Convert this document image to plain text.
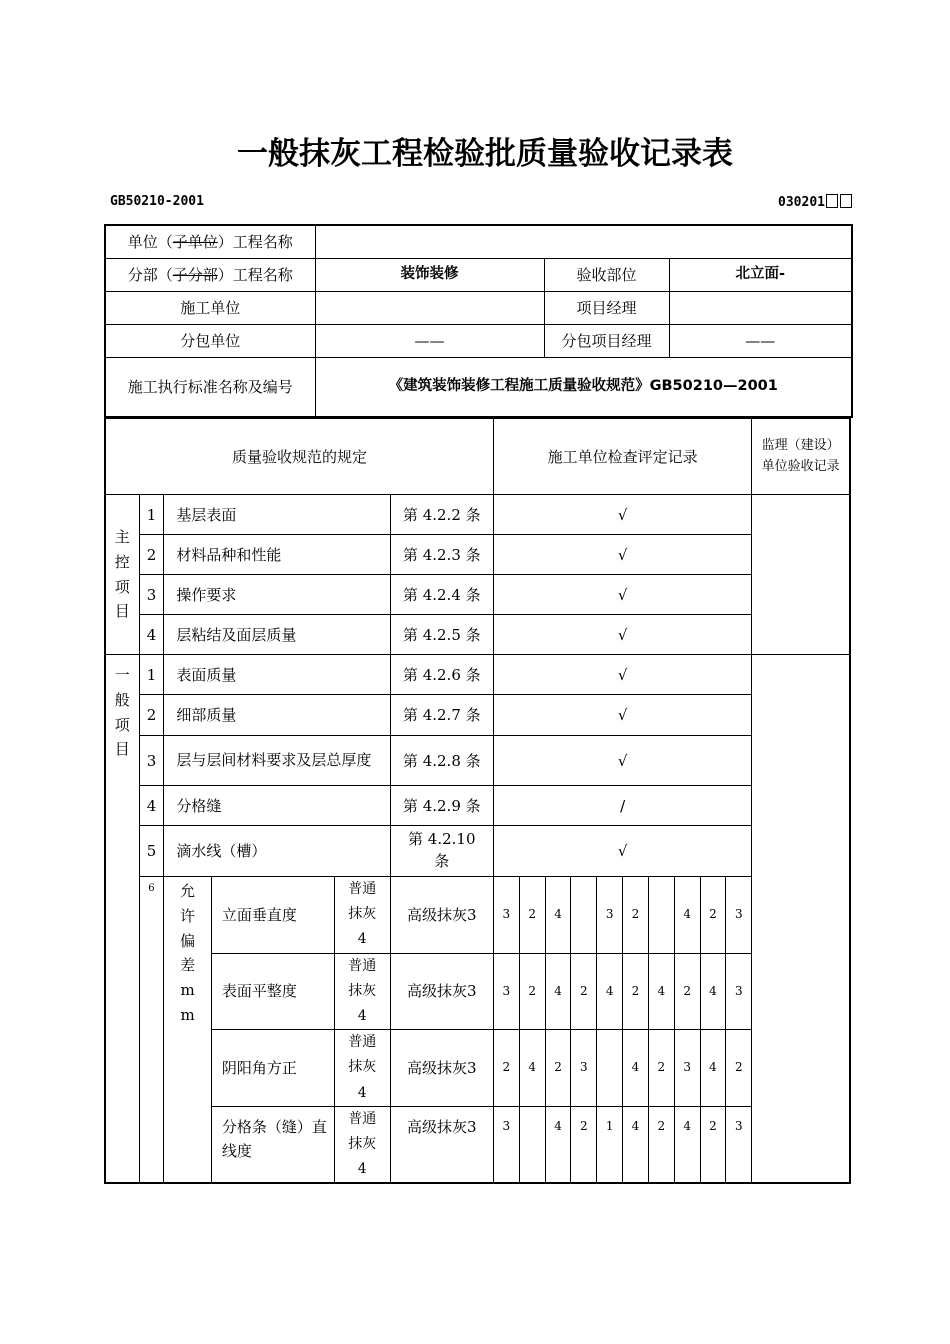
一般抹灰工程检验批质量验收记录表
GB50210-2001	030201
单位（子单位）工程名称			
分部（子分部）工程名称	装饰装修	验收部位	北立面-
施工单位		项目经理	
分包单位	——	分包项目经理	——
施工执行标准名称及编号	《建筑装饰装修工程施工质量验收规范》GB50210—2001		
质量验收规范的规定						施工单位检查评定记录										监理（建设）单位验收记录
主控项目	1	基层表面			第 4.2.2 条	√										
	2	材料品种和性能			第 4.2.3 条	√										
	3	操作要求			第 4.2.4 条	√										
	4	层粘结及面层质量			第 4.2.5 条	√										
一般项目	1	表面质量			第 4.2.6 条	√										
	2	细部质量			第 4.2.7 条	√										
	3	层与层间材料要求及层总厚度			第 4.2.8 条	√										
	4	分格缝			第 4.2.9 条	/										
	5	滴水线（槽）			第 4.2.10 条	√										
	6	允许偏差mm	立面垂直度	普通抹灰4	高级抹灰3	3	2	4		3	2		4	2	3	
			表面平整度	普通抹灰4	高级抹灰3	3	2	4	2	4	2	4	2	4	3	
			阴阳角方正	普通抹灰4	高级抹灰3	2	4	2	3		4	2	3	4	2	
			分格条（缝）直线度	普通抹灰4	高级抹灰3	3		4	2	1	4	2	4	2	3	
